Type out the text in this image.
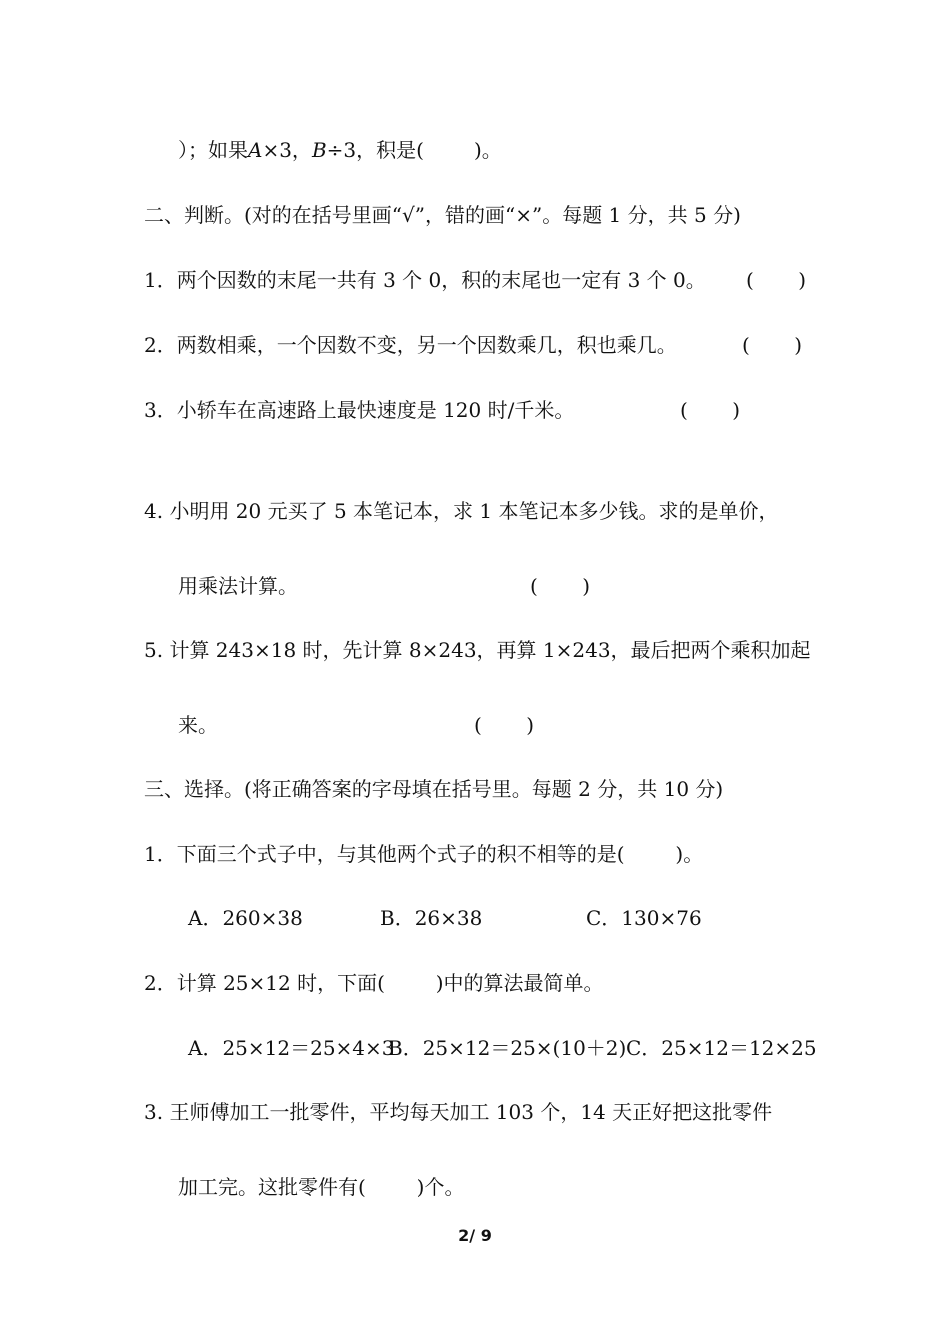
）；如果 A ×3， B ÷3，积是(	)。
二、判断。(对的在括号里画“√”，错的画“×”。每题 1 分，共 5 分)
1．两个因数的末尾一共有 3 个 0，积的末尾也一定有 3 个 0。 (       )
2．两数相乘，一个因数不变，另一个因数乘几，积也乘几。	(       )
3．小轿车在高速路上最快速度是 120 时/千米。	(       )
4. 小明用 20 元买了 5 本笔记本，求 1 本笔记本多少钱。求的是单价，
用乘法计算。	(       )
5. 计算 243×18 时，先计算 8×243，再算 1×243，最后把两个乘积加起
来。	(       )
三、选择。(将正确答案的字母填在括号里。每题 2 分，共 10 分)
1．下面三个式子中，与其他两个式子的积不相等的是(        )。
A．260×38	B．26×38	C．130×76
2．计算 25×12 时，下面(        )中的算法最简单。
A．25×12＝25×4×3
B．25×12＝25×(10＋2) C．25×12＝12×25
3. 王师傅加工一批零件，平均每天加工 103 个，14 天正好把这批零件
加工完。这批零件有(        )个。
2/ 9
